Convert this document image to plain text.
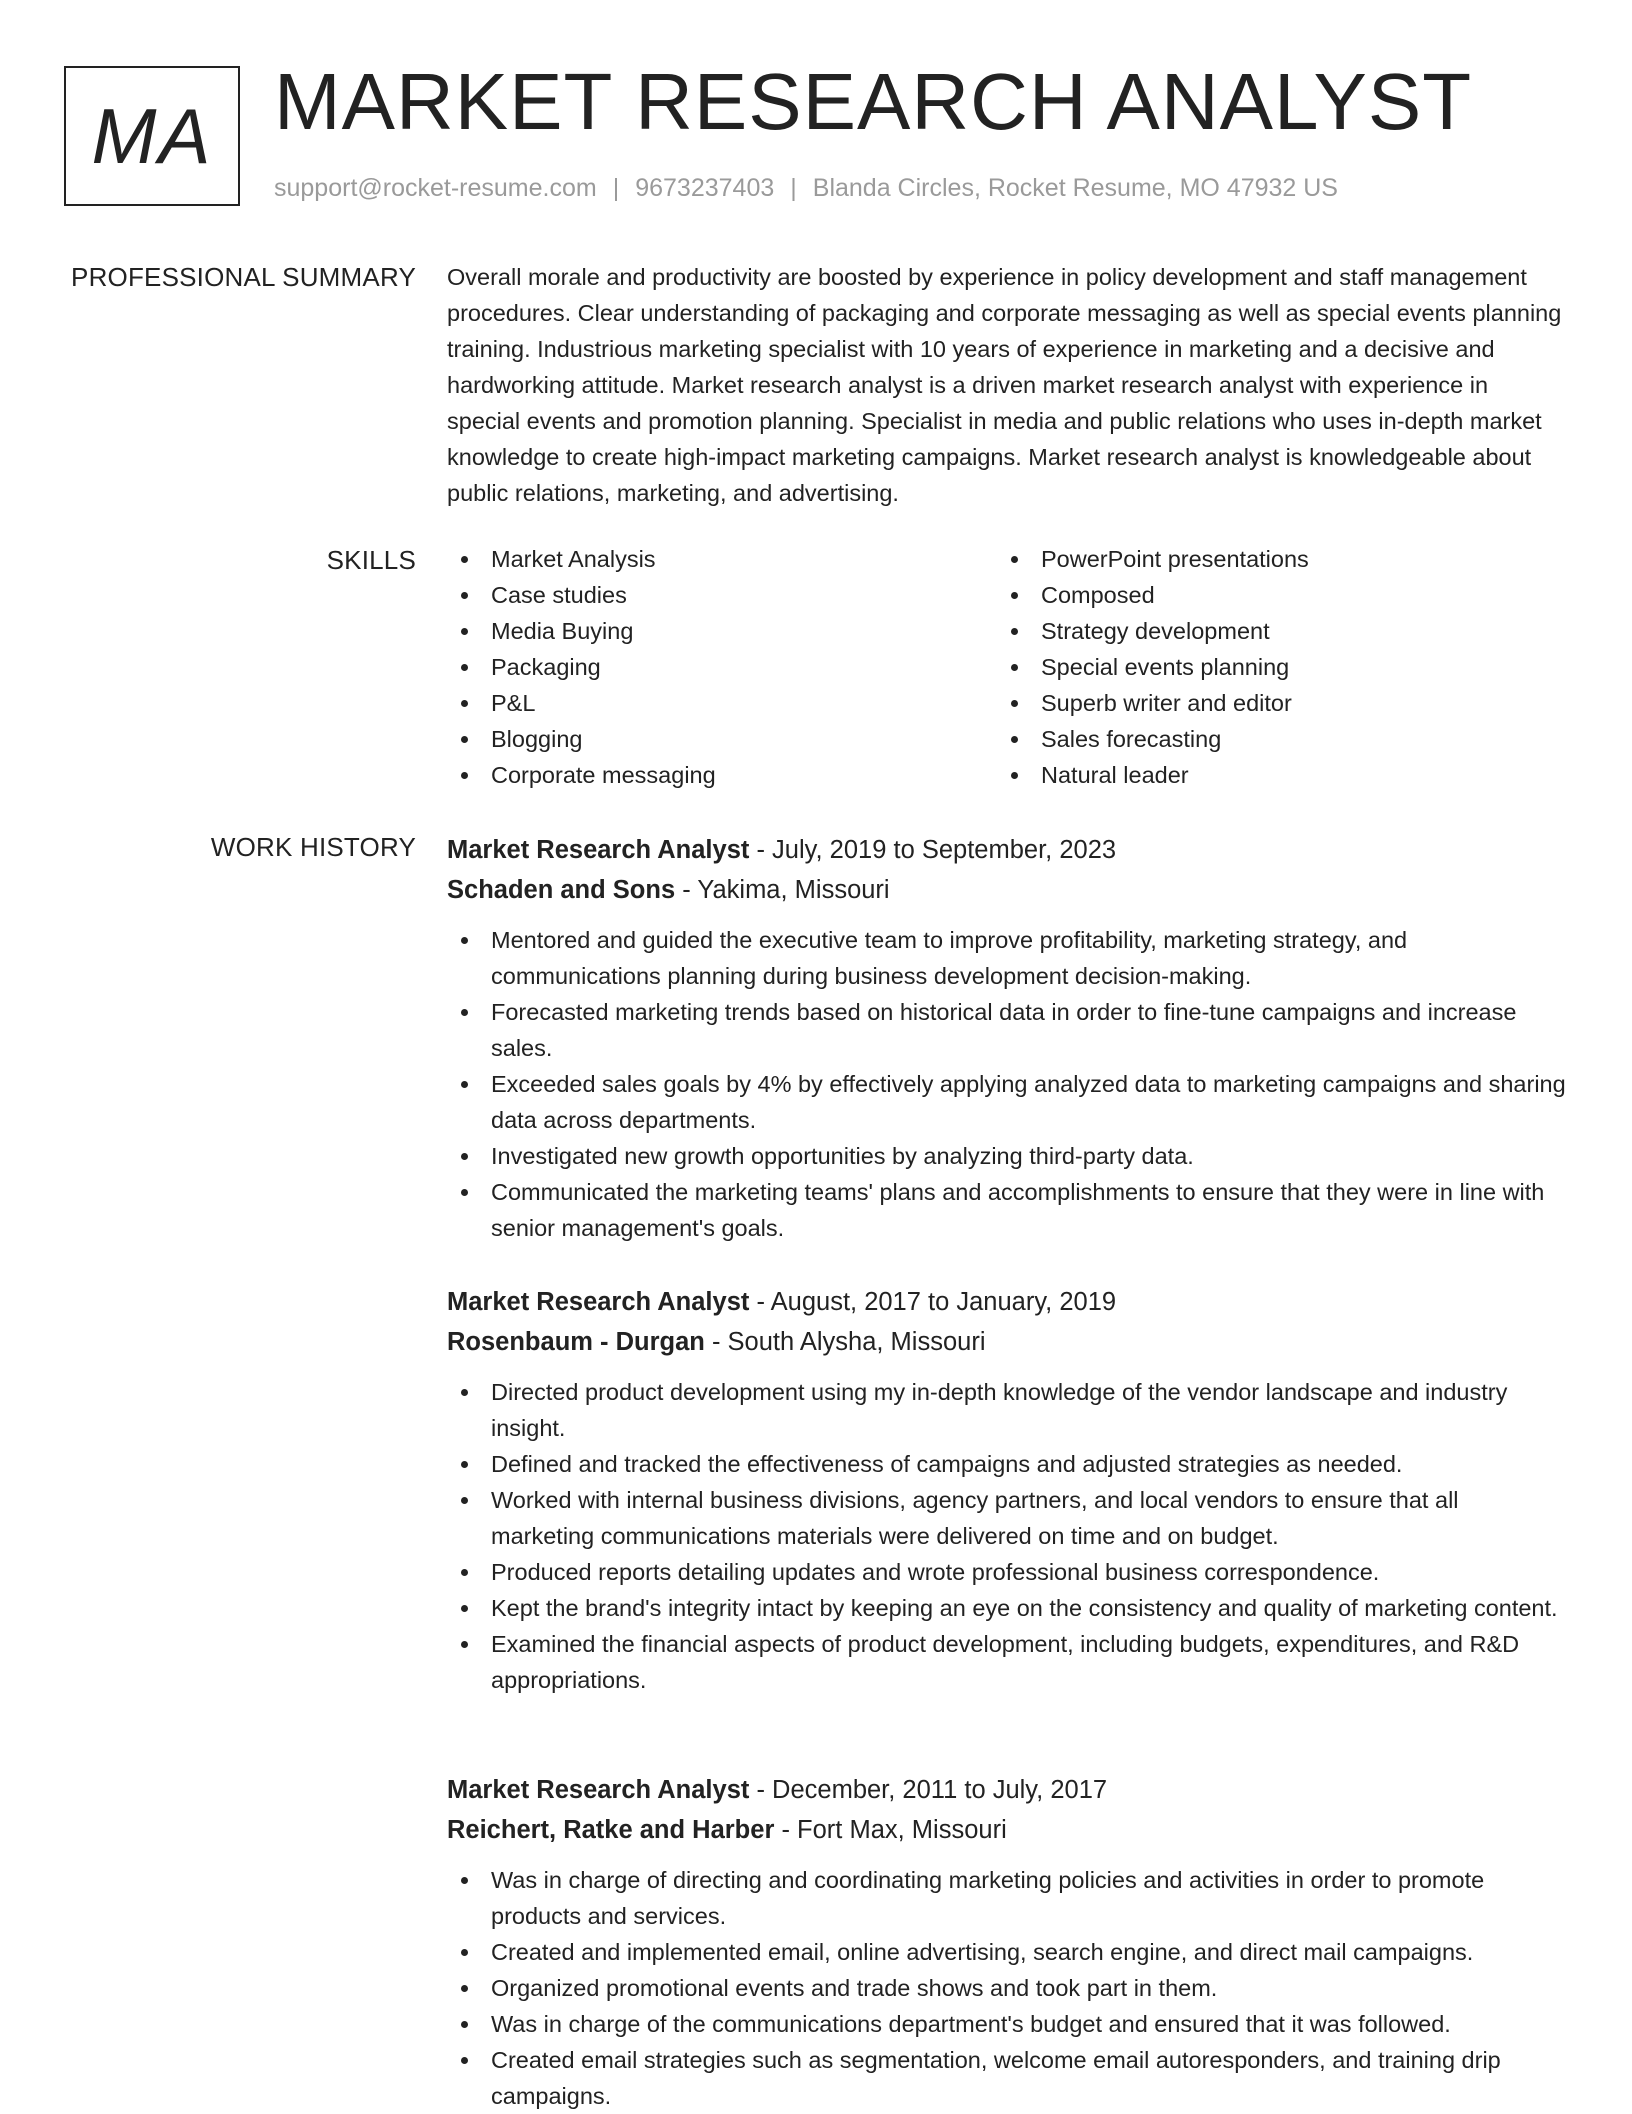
MA MARKET RESEARCH ANALYST
support@rocket-resume.com | 9673237403 | Blanda Circles, Rocket Resume, MO 47932 US
PROFESSIONAL SUMMARY Overall morale and productivity are boosted by experience in policy development and staff management procedures. Clear understanding of packaging and corporate messaging as well as special events planning training. Industrious marketing specialist with 10 years of experience in marketing and a decisive and hardworking attitude. Market research analyst is a driven market research analyst with experience in special events and promotion planning. Specialist in media and public relations who uses in-depth market knowledge to create high-impact marketing campaigns. Market research analyst is knowledgeable about public relations, marketing, and advertising.

SKILLS	Market Analysis
Case studies
Media Buying
Packaging
P&L
Blogging
Corporate messaging
PowerPoint presentations
Composed
Strategy development
Special events planning
Superb writer and editor
Sales forecasting
Natural leader
WORK HISTORY Market Research Analyst - July, 2019 to September, 2023
Schaden and Sons - Yakima, Missouri
Mentored and guided the executive team to improve profitability, marketing strategy, and communications planning during business development decision-making.
Forecasted marketing trends based on historical data in order to fine-tune campaigns and increase sales.
Exceeded sales goals by 4% by effectively applying analyzed data to marketing campaigns and sharing data across departments.
Investigated new growth opportunities by analyzing third-party data.
Communicated the marketing teams' plans and accomplishments to ensure that they were in line with senior management's goals.
Market Research Analyst - August, 2017 to January, 2019
Rosenbaum - Durgan - South Alysha, Missouri
Directed product development using my in-depth knowledge of the vendor landscape and industry insight.
Defined and tracked the effectiveness of campaigns and adjusted strategies as needed.
Worked with internal business divisions, agency partners, and local vendors to ensure that all marketing communications materials were delivered on time and on budget.
Produced reports detailing updates and wrote professional business correspondence.
Kept the brand's integrity intact by keeping an eye on the consistency and quality of marketing content.
Examined the financial aspects of product development, including budgets, expenditures, and R&D appropriations.
Market Research Analyst - December, 2011 to July, 2017
Reichert, Ratke and Harber - Fort Max, Missouri
Was in charge of directing and coordinating marketing policies and activities in order to promote products and services.
Created and implemented email, online advertising, search engine, and direct mail campaigns.
Organized promotional events and trade shows and took part in them.
Was in charge of the communications department's budget and ensured that it was followed.
Created email strategies such as segmentation, welcome email autoresponders, and training drip campaigns.
